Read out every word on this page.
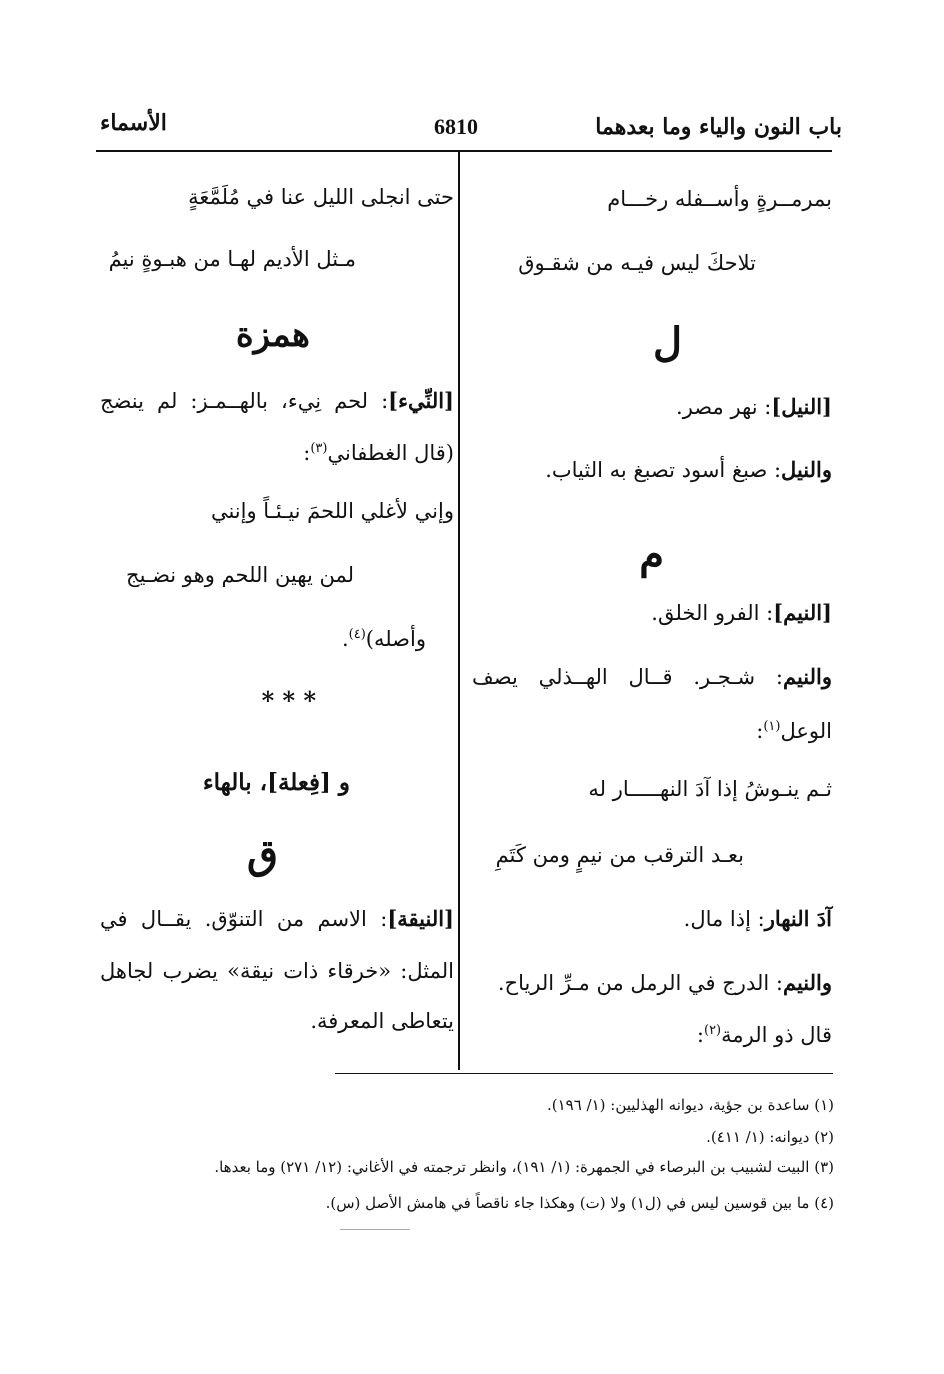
باب النون والياء وما بعدهما
6810
الأسماء
بمرمــرةٍ وأســفله رخـــام
تلاحكَ ليس فيـه من شقـوق
ل
[النيل]: نهر مصر.
والنيل: صبغ أسود تصبغ به الثياب.
م
[النيم]: الفرو الخلق.
والنيم: شـجـر. قــال الهــذلي يصف
الوعل$^{(١)}$:
ثـم ينـوشُ إذا آدَ النهـــــار له
بعـد الترقب من نيمٍ ومن كَتَمِ
آدَ النهار: إذا مال.
والنيم: الدرج في الرمل من مـرِّ الرياح.
قال ذو الرمة$^{(٢)}$:
حتى انجلى الليل عنا في مُلَمَّعَةٍ
مـثل الأديم لهـا من هبـوةٍ نيمُ
همزة
[النِّيء]: لحم نِيء، بالهــمـز: لم ينضج
(قال الغطفاني$^{(٣)}$:
وإني لأغلي اللحمَ نيـئـاً وإنني
لمن يهين اللحم وهو نضـيج
وأصله)$^{(٤)}$.
* * *
و [فِعلة]، بالهاء
ق
[النيقة]: الاسم من التنوّق. يقــال في
المثل: «خرقاء ذات نيقة» يضرب لجاهل
يتعاطى المعرفة.
(١) ساعدة بن جؤية، ديوانه الهذليين: (١/ ١٩٦).
(٢) ديوانه: (١/ ٤١١).
(٣) البيت لشبيب بن البرصاء في الجمهرة: (١/ ١٩١)، وانظر ترجمته في الأغاني: (١٢/ ٢٧١) وما بعدها.
(٤) ما بين قوسين ليس في (ل١) ولا (ت) وهكذا جاء ناقصاً في هامش الأصل (س).
